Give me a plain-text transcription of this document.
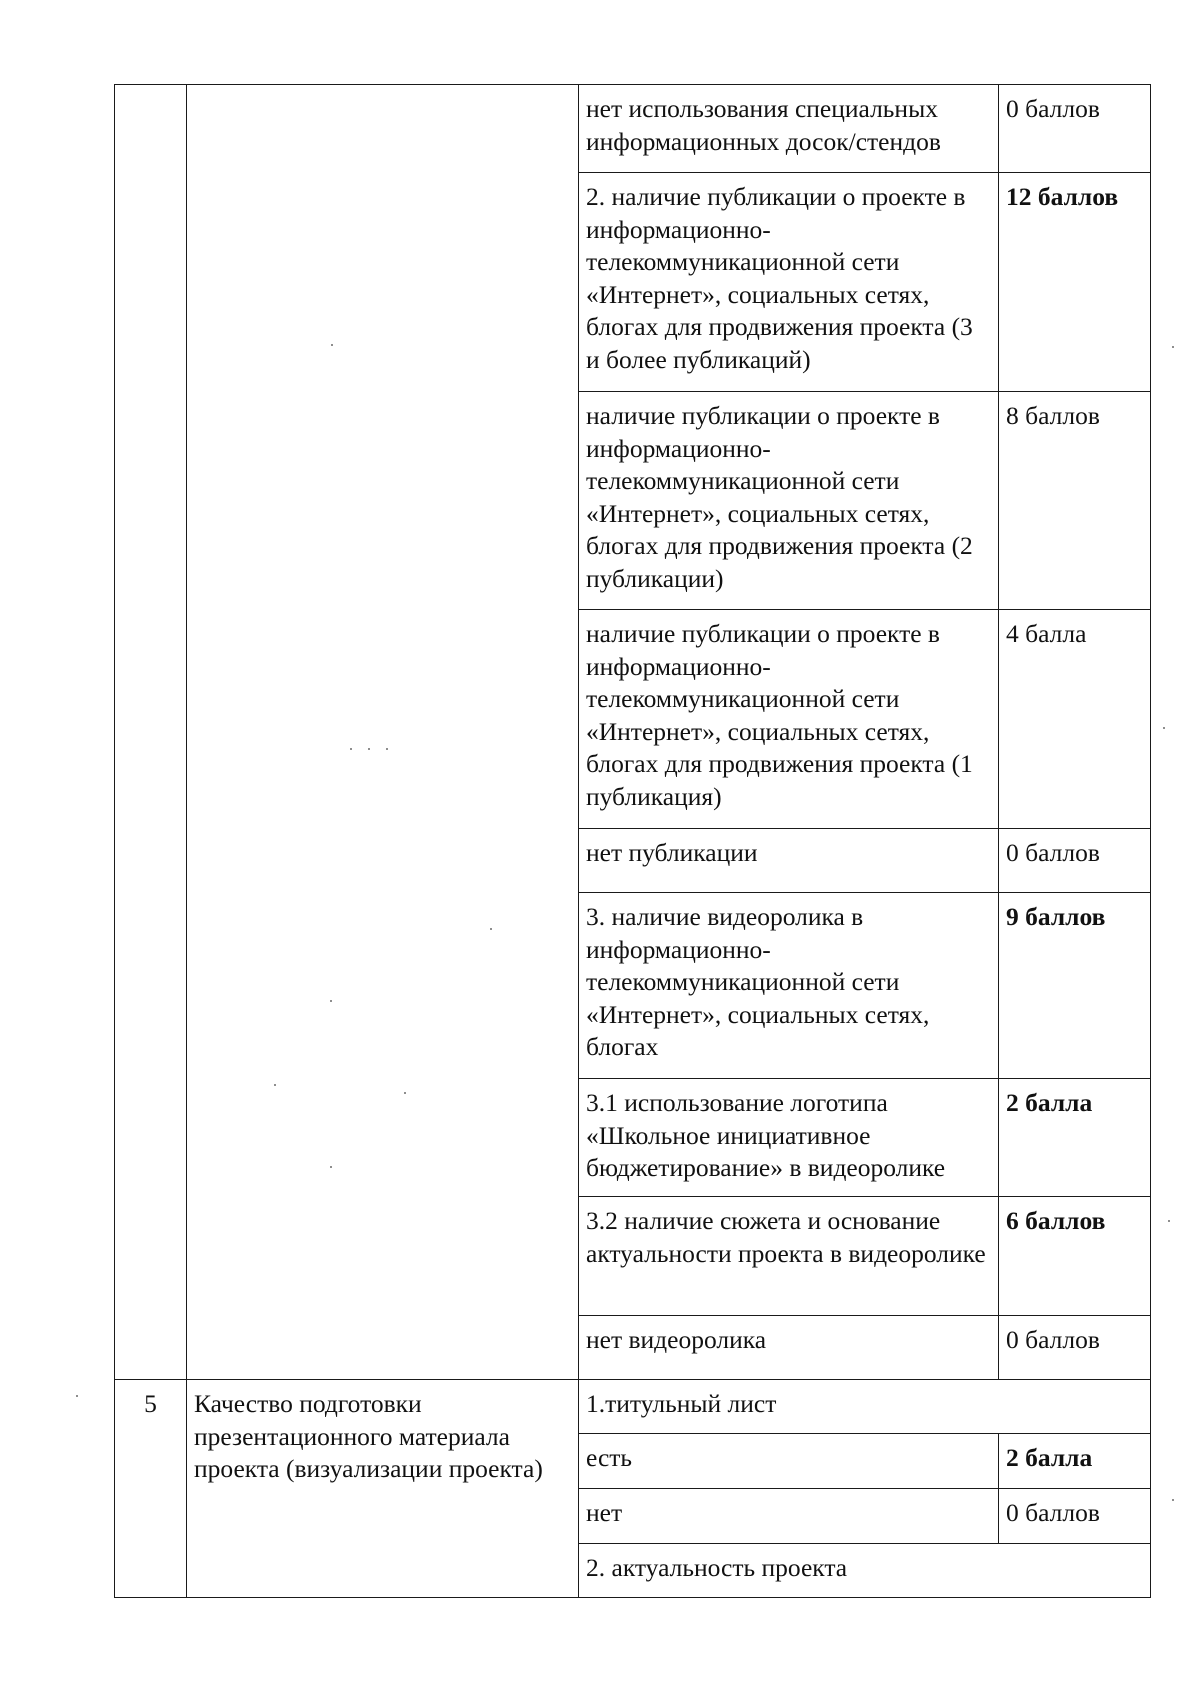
		нет использования специальных информационных досок/стендов	0 баллов
		2. наличие публикации о проекте в информационно-телекоммуникационной сети «Интернет», социальных сетях, блогах для продвижения проекта (3 и более публикаций)	12 баллов
		наличие публикации о проекте в информационно-телекоммуникационной сети «Интернет», социальных сетях, блогах для продвижения проекта (2 публикации)	8 баллов
		наличие публикации о проекте в информационно-телекоммуникационной сети «Интернет», социальных сетях, блогах для продвижения проекта (1 публикация)	4 балла
		нет публикации	0 баллов
		3. наличие видеоролика в информационно-телекоммуникационной сети «Интернет», социальных сетях, блогах	9 баллов
		3.1 использование логотипа «Школьное инициативное бюджетирование» в видеоролике	2 балла
		3.2 наличие сюжета и основание актуальности проекта в видеоролике	6 баллов
		нет видеоролика	0 баллов
5	Качество подготовки презентационного материала проекта (визуализации проекта)	1.титульный лист	
		есть	2 балла
		нет	0 баллов
		2. актуальность проекта	
